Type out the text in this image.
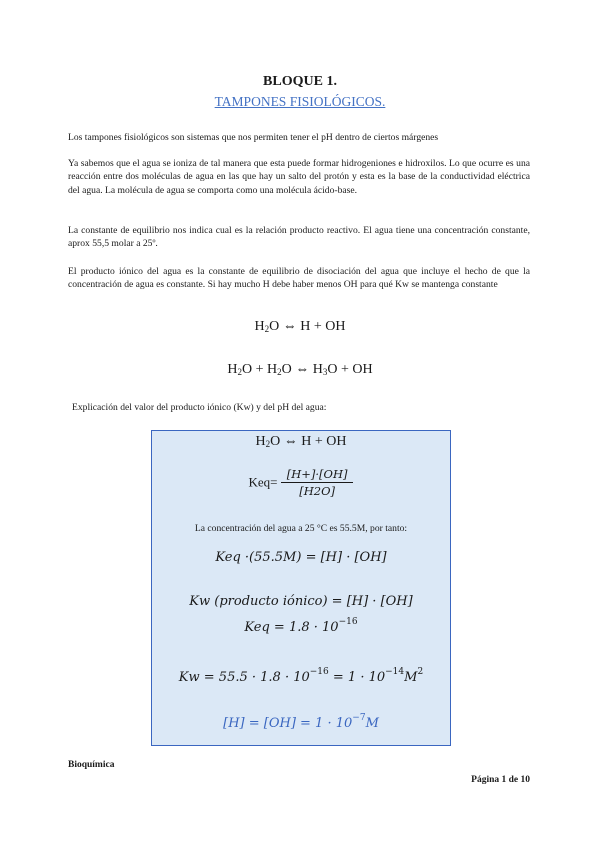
BLOQUE 1.
TAMPONES FISIOLÓGICOS.
Los tampones fisiológicos son sistemas que nos permiten tener el pH dentro de ciertos márgenes
Ya sabemos que el agua se ioniza de tal manera que esta puede formar hidrogeniones e hidroxilos. Lo que ocurre es una reacción entre dos moléculas de agua en las que hay un salto del protón y esta es la base de la conductividad eléctrica del agua. La molécula de agua se comporta como una molécula ácido-base.
La constante de equilibrio nos indica cual es la relación producto reactivo. El agua tiene una concentración constante, aprox 55,5 molar a 25º.
El producto iónico del agua es la constante de equilibrio de disociación del agua que incluye el hecho de que la concentración de agua es constante. Si hay mucho H debe haber menos OH para qué Kw se mantenga constante
$H_2O$ ⇔ H + OH
$H_2O + H_2O$ ⇔ $H_3O$ + OH
Explicación del valor del producto iónico (Kw) y del pH del agua:
$H_2O$ ⇔ H + OH
$Keq= \frac{[H+]\cdot[OH]}{[H2O]}$
La concentración del agua a 25 °C es 55.5M, por tanto:
Keq ·(55.5M) = [H] · [OH]
Kw (producto iónico) = [H] · [OH]
Keq = $1.8 \cdot 10^{-16}$
$Kw = 55.5 \cdot 1.8 \cdot 10^{-16} = 1 \cdot 10^{-14}M^2$
$[H] = [OH] = 1 \cdot 10^{-7}M$
Bioquímica
Página 1 de 10
